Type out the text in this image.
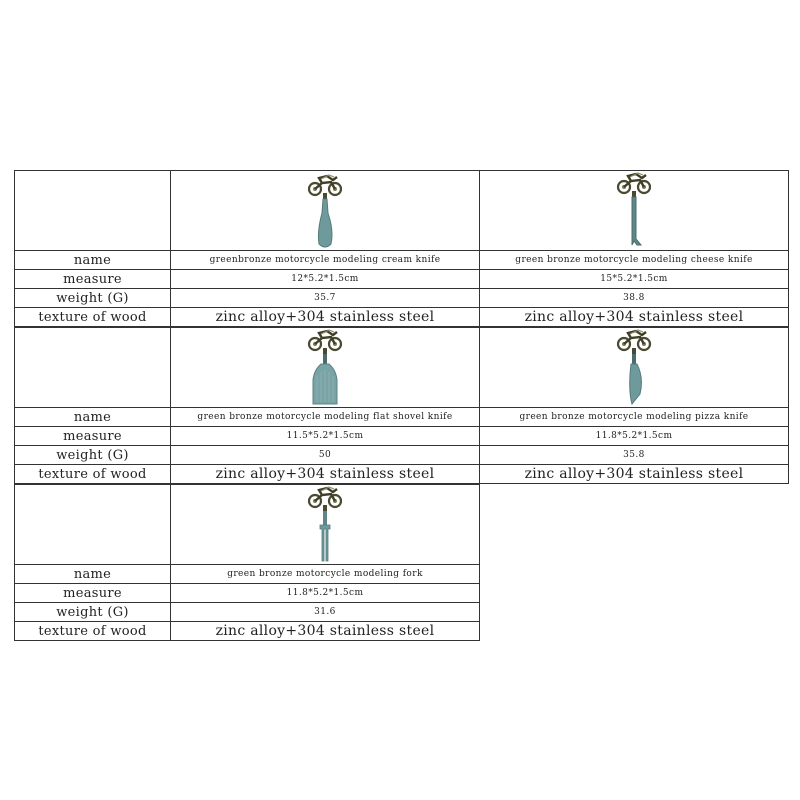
name	greenbronze motorcycle modeling cream knife	green bronze motorcycle modeling cheese knife
measure	12*5.2*1.5cm	15*5.2*1.5cm
weight (G)	35.7	38.8
texture of wood	zinc alloy+304 stainless steel	zinc alloy+304 stainless steel
name	green bronze motorcycle modeling flat shovel knife	green bronze motorcycle modeling pizza knife
measure	11.5*5.2*1.5cm	11.8*5.2*1.5cm
weight (G)	50	35.8
texture of wood	zinc alloy+304 stainless steel	zinc alloy+304 stainless steel
name	green bronze motorcycle modeling fork
measure	11.8*5.2*1.5cm
weight (G)	31.6
texture of wood	zinc alloy+304 stainless steel
